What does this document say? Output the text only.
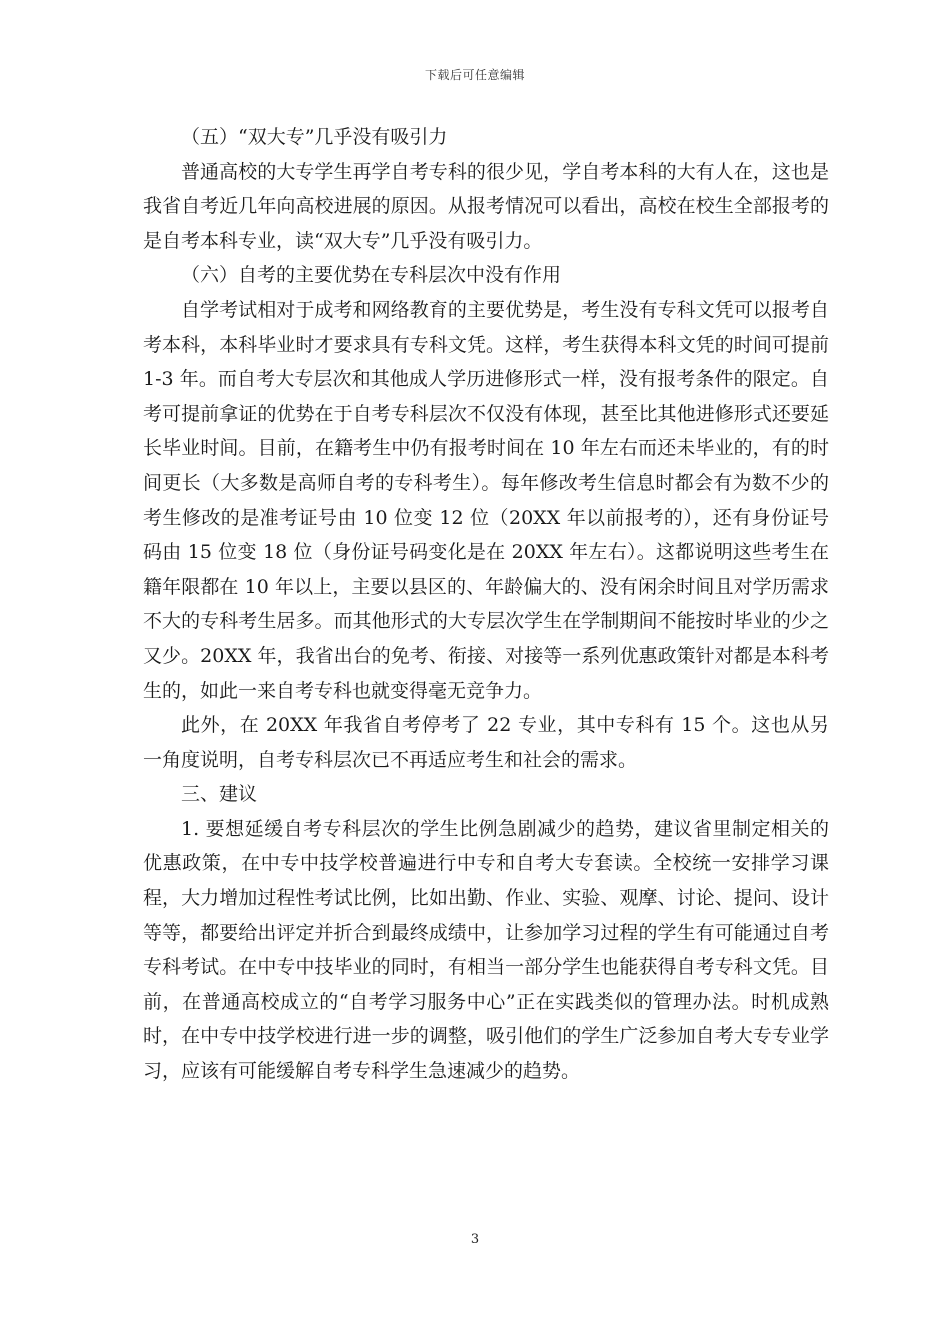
下载后可任意编辑

（五）“双大专”几乎没有吸引力

普通高校的大专学生再学自考专科的很少见，学自考本科的大有人在，这也是我省自考近几年向高校进展的原因。从报考情况可以看出，高校在校生全部报考的是自考本科专业，读“双大专”几乎没有吸引力。

（六）自考的主要优势在专科层次中没有作用

自学考试相对于成考和网络教育的主要优势是，考生没有专科文凭可以报考自考本科，本科毕业时才要求具有专科文凭。这样，考生获得本科文凭的时间可提前 1-3 年。而自考大专层次和其他成人学历进修形式一样，没有报考条件的限定。自考可提前拿证的优势在于自考专科层次不仅没有体现，甚至比其他进修形式还要延长毕业时间。目前，在籍考生中仍有报考时间在 10 年左右而还未毕业的，有的时间更长（大多数是高师自考的专科考生）。每年修改考生信息时都会有为数不少的考生修改的是准考证号由 10 位变 12 位（20XX 年以前报考的），还有身份证号码由 15 位变 18 位（身份证号码变化是在 20XX 年左右）。这都说明这些考生在籍年限都在 10 年以上，主要以县区的、年龄偏大的、没有闲余时间且对学历需求不大的专科考生居多。而其他形式的大专层次学生在学制期间不能按时毕业的少之又少。20XX 年，我省出台的免考、衔接、对接等一系列优惠政策针对都是本科考生的，如此一来自考专科也就变得毫无竞争力。

此外，在 20XX 年我省自考停考了 22 专业，其中专科有 15 个。这也从另一角度说明，自考专科层次已不再适应考生和社会的需求。

三、建议

1. 要想延缓自考专科层次的学生比例急剧减少的趋势，建议省里制定相关的优惠政策，在中专中技学校普遍进行中专和自考大专套读。全校统一安排学习课程，大力增加过程性考试比例，比如出勤、作业、实验、观摩、讨论、提问、设计等等，都要给出评定并折合到最终成绩中，让参加学习过程的学生有可能通过自考专科考试。在中专中技毕业的同时，有相当一部分学生也能获得自考专科文凭。目前，在普通高校成立的“自考学习服务中心”正在实践类似的管理办法。时机成熟时，在中专中技学校进行进一步的调整，吸引他们的学生广泛参加自考大专专业学习，应该有可能缓解自考专科学生急速减少的趋势。

3
